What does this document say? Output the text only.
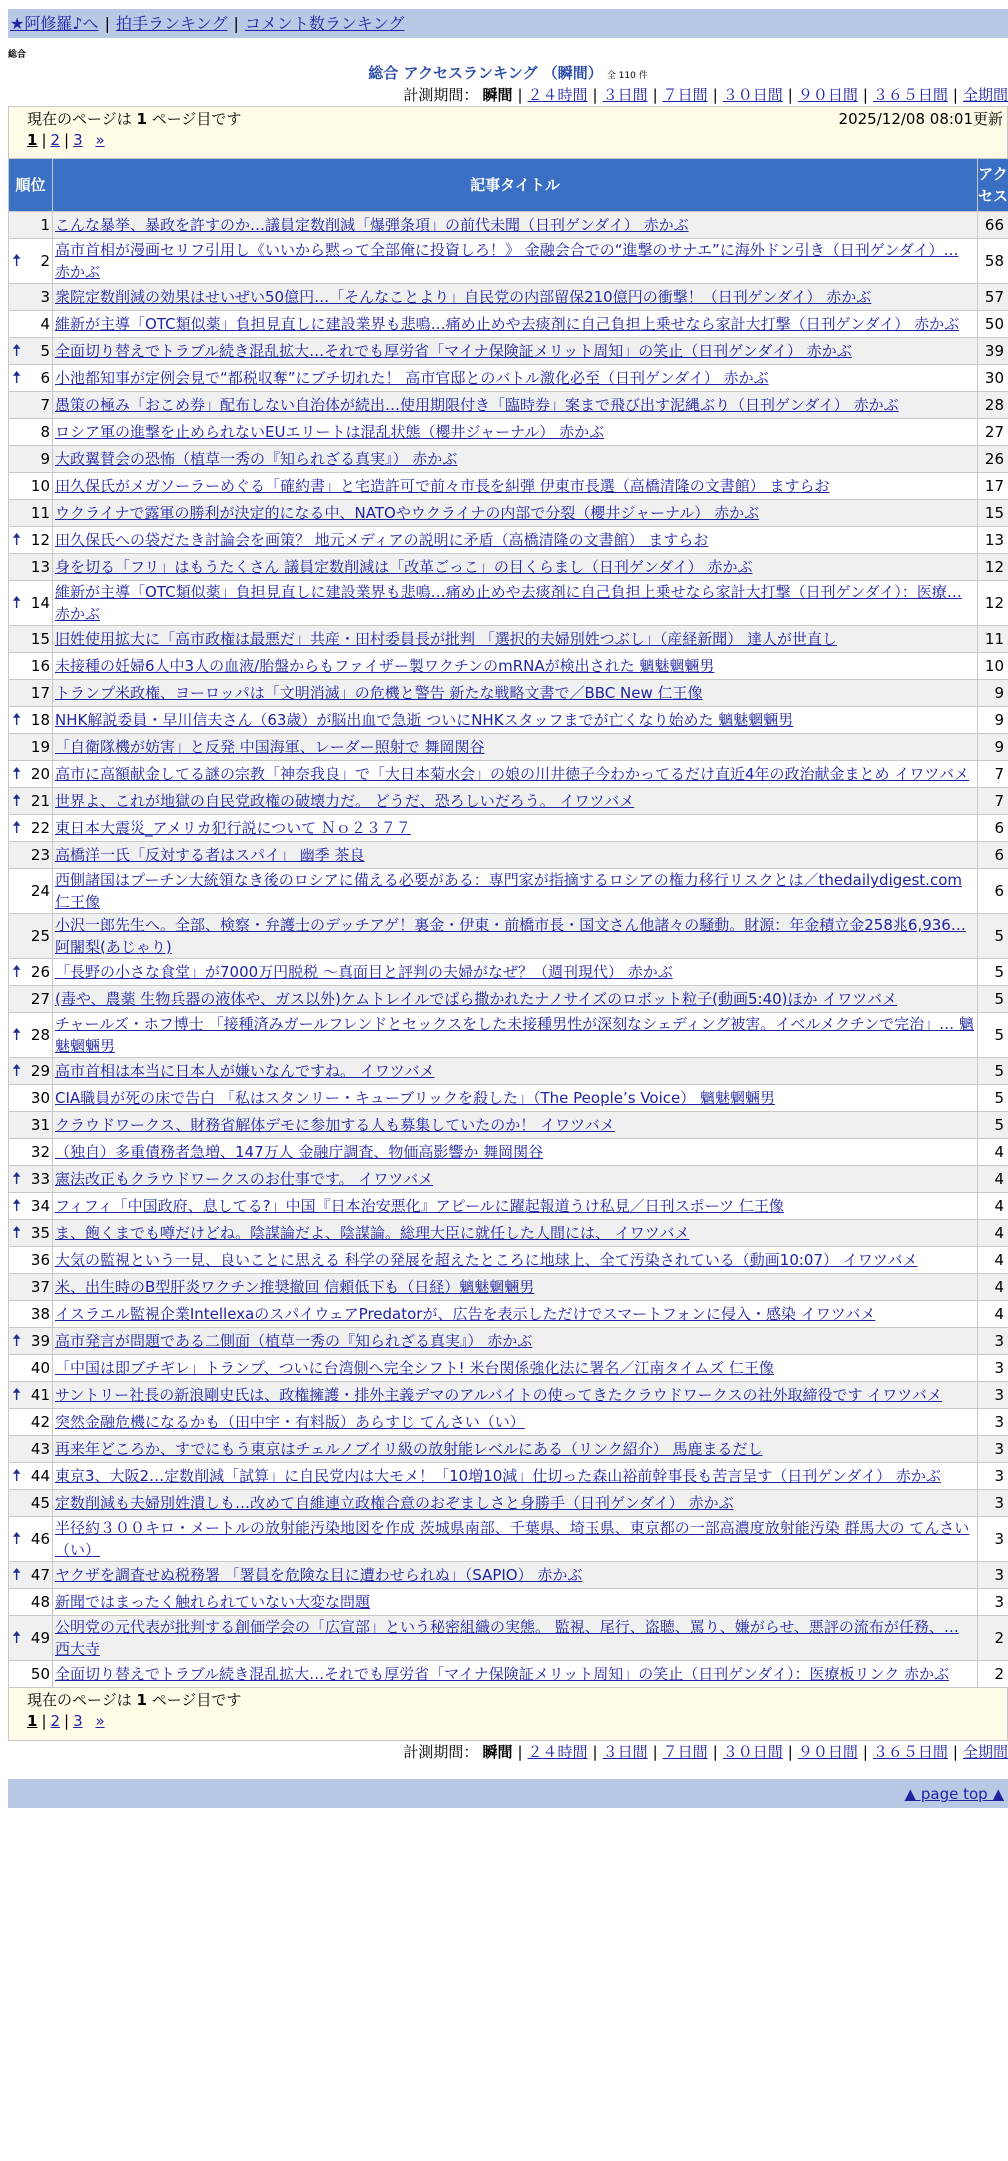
★阿修羅♪へ | 拍手ランキング | コメント数ランキング
総合
総合 アクセスランキング （瞬間） 全 110 件
計測期間： 瞬間 | ２４時間 | ３日間 | ７日間 | ３０日間 | ９０日間 | ３６５日間 | 全期間
現在のページは 1 ページ目です	2025/12/08 08:01更新
1 | 2 | 3 »
順位	記事タイトル	アクセス
1	こんな暴挙、暴政を許すのか…議員定数削減「爆弾条項」の前代未聞（日刊ゲンダイ） 赤かぶ	66

🠅 2	高市首相が漫画セリフ引用し《いいから黙って全部俺に投資しろ！》 金融会合での“進撃のサナエ”に海外ドン引き（日刊ゲンダイ）… 赤かぶ	58
3	衆院定数削減の効果はせいぜい50億円…「そんなことより」自民党の内部留保210億円の衝撃！（日刊ゲンダイ） 赤かぶ	57
4	維新が主導「OTC類似薬」負担見直しに建設業界も悲鳴…痛め止めや去痰剤に自己負担上乗せなら家計大打撃（日刊ゲンダイ） 赤かぶ	50

🠅 5	全面切り替えでトラブル続き混乱拡大…それでも厚労省「マイナ保険証メリット周知」の笑止（日刊ゲンダイ） 赤かぶ	39

🠅 6	小池都知事が定例会見で“都税収奪”にブチ切れた！ 高市官邸とのバトル激化必至（日刊ゲンダイ） 赤かぶ	30
7	愚策の極み「おこめ券」配布しない自治体が続出…使用期限付き「臨時券」案まで飛び出す泥縄ぶり（日刊ゲンダイ） 赤かぶ	28
8	ロシア軍の進撃を止められないEUエリートは混乱状態（櫻井ジャーナル） 赤かぶ	27
9	大政翼賛会の恐怖（植草一秀の『知られざる真実』） 赤かぶ	26
10	田久保氏がメガソーラーめぐる「確約書」と宅造許可で前々市長を糾弾 伊東市長選（高橋清隆の文書館） ますらお	17
11	ウクライナで露軍の勝利が決定的になる中、NATOやウクライナの内部で分裂（櫻井ジャーナル） 赤かぶ	15

🠅 12	田久保氏への袋だたき討論会を画策？ 地元メディアの説明に矛盾（高橋清隆の文書館） ますらお	13
13	身を切る「フリ」はもうたくさん 議員定数削減は「改革ごっこ」の目くらまし（日刊ゲンダイ） 赤かぶ	12

🠅 14	維新が主導「OTC類似薬」負担見直しに建設業界も悲鳴…痛め止めや去痰剤に自己負担上乗せなら家計大打撃（日刊ゲンダイ）：医療… 赤かぶ	12
15	旧姓使用拡大に「高市政権は最悪だ」共産・田村委員長が批判 「選択的夫婦別姓つぶし」（産経新聞） 達人が世直し	11
16	未接種の妊婦6人中3人の血液/胎盤からもファイザー製ワクチンのmRNAが検出された 魑魅魍魎男	10
17	トランプ米政権、ヨーロッパは「文明消滅」の危機と警告 新たな戦略文書で／BBC New 仁王像	9

🠅 18	NHK解説委員・早川信夫さん（63歳）が脳出血で急逝 ついにNHKスタッフまでが亡くなり始めた 魑魅魍魎男	9
19	「自衛隊機が妨害」と反発 中国海軍、レーダー照射で 舞岡関谷	9

🠅 20	高市に高額献金してる謎の宗教「神奈我良」で「大日本菊水会」の娘の川井徳子今わかってるだけ直近4年の政治献金まとめ イワツバメ	7

🠅 21	世界よ、これが地獄の自民党政権の破壊力だ。 どうだ、恐ろしいだろう。 イワツバメ	7

🠅 22	東日本大震災_アメリカ犯行説について Ｎｏ２３７７	6
23	高橋洋一氏「反対する者はスパイ」 幽季 茶良	6
24	西側諸国はプーチン大統領なき後のロシアに備える必要がある：専門家が指摘するロシアの権力移行リスクとは／thedailydigest.com 仁王像	6
25	小沢一郎先生へ。全部、検察・弁護士のデッチアゲ！裏金・伊東・前橋市長・国文さん他諸々の騒動。財源：年金積立金258兆6,936… 阿闍梨(あじゃり)	5

🠅 26	「長野の小さな食堂」が7000万円脱税 ～真面目と評判の夫婦がなぜ？（週刊現代） 赤かぶ	5
27	(毒や、農薬 生物兵器の液体や、ガス以外)ケムトレイルでばら撒かれたナノサイズのロボット粒子(動画5:40)ほか イワツバメ	5

🠅 28	チャールズ・ホフ博士 「接種済みガールフレンドとセックスをした未接種男性が深刻なシェディング被害。イベルメクチンで完治」… 魑魅魍魎男	5

🠅 29	高市首相は本当に日本人が嫌いなんですね。 イワツバメ	5
30	CIA職員が死の床で告白 「私はスタンリー・キューブリックを殺した」（The People’s Voice） 魑魅魍魎男	5
31	クラウドワークス、財務省解体デモに参加する人も募集していたのか！ イワツバメ	5
32	（独自）多重債務者急増、147万人 金融庁調査、物価高影響か 舞岡関谷	4

🠅 33	憲法改正もクラウドワークスのお仕事です。 イワツバメ	4

🠅 34	フィフィ「中国政府、息してる?」中国『日本治安悪化』アピールに躍起報道うけ私見／日刊スポーツ 仁王像	4

🠅 35	ま、飽くまでも噂だけどね。陰謀論だよ、陰謀論。総理大臣に就任した人間には、 イワツバメ	4
36	大気の監視という一見、良いことに思える 科学の発展を超えたところに地球上、全て汚染されている（動画10:07） イワツバメ	4
37	米、出生時のB型肝炎ワクチン推奨撤回 信頼低下も（日経）魑魅魍魎男	4
38	イスラエル監視企業IntellexaのスパイウェアPredatorが、広告を表示しただけでスマートフォンに侵入・感染 イワツバメ	4

🠅 39	高市発言が問題である二側面（植草一秀の『知られざる真実』） 赤かぶ	3
40	「中国は即ブチギレ」トランプ、ついに台湾側へ完全シフト! 米台関係強化法に署名／江南タイムズ 仁王像	3

🠅 41	サントリー社長の新浪剛史氏は、政権擁護・排外主義デマのアルバイトの使ってきたクラウドワークスの社外取締役です イワツバメ	3
42	突然金融危機になるかも（田中宇・有料版）あらすじ てんさい（い）	3
43	再来年どころか、すでにもう東京はチェルノブイリ級の放射能レベルにある（リンク紹介） 馬鹿まるだし	3

🠅 44	東京3、大阪2…定数削減「試算」に自民党内は大モメ！「10増10減」仕切った森山裕前幹事長も苦言呈す（日刊ゲンダイ） 赤かぶ	3
45	定数削減も夫婦別姓潰しも…改めて自維連立政権合意のおぞましさと身勝手（日刊ゲンダイ） 赤かぶ	3

🠅 46	半径約３００キロ・メートルの放射能汚染地図を作成 茨城県南部、千葉県、埼玉県、東京都の一部高濃度放射能汚染 群馬大の てんさい（い）	3

🠅 47	ヤクザを調査せぬ税務署 「署員を危険な目に遭わせられぬ」（SAPIO） 赤かぶ	3
48	新聞ではまったく触れられていない大変な問題	3

🠅 49	公明党の元代表が批判する創価学会の「広宣部」という秘密組織の実態。 監視、尾行、盗聴、罵り、嫌がらせ、悪評の流布が任務、… 西大寺	2
50	全面切り替えでトラブル続き混乱拡大…それでも厚労省「マイナ保険証メリット周知」の笑止（日刊ゲンダイ）：医療板リンク 赤かぶ	2
現在のページは 1 ページ目です
1 | 2 | 3 »
計測期間： 瞬間 | ２４時間 | ３日間 | ７日間 | ３０日間 | ９０日間 | ３６５日間 | 全期間
▲ page top ▲
